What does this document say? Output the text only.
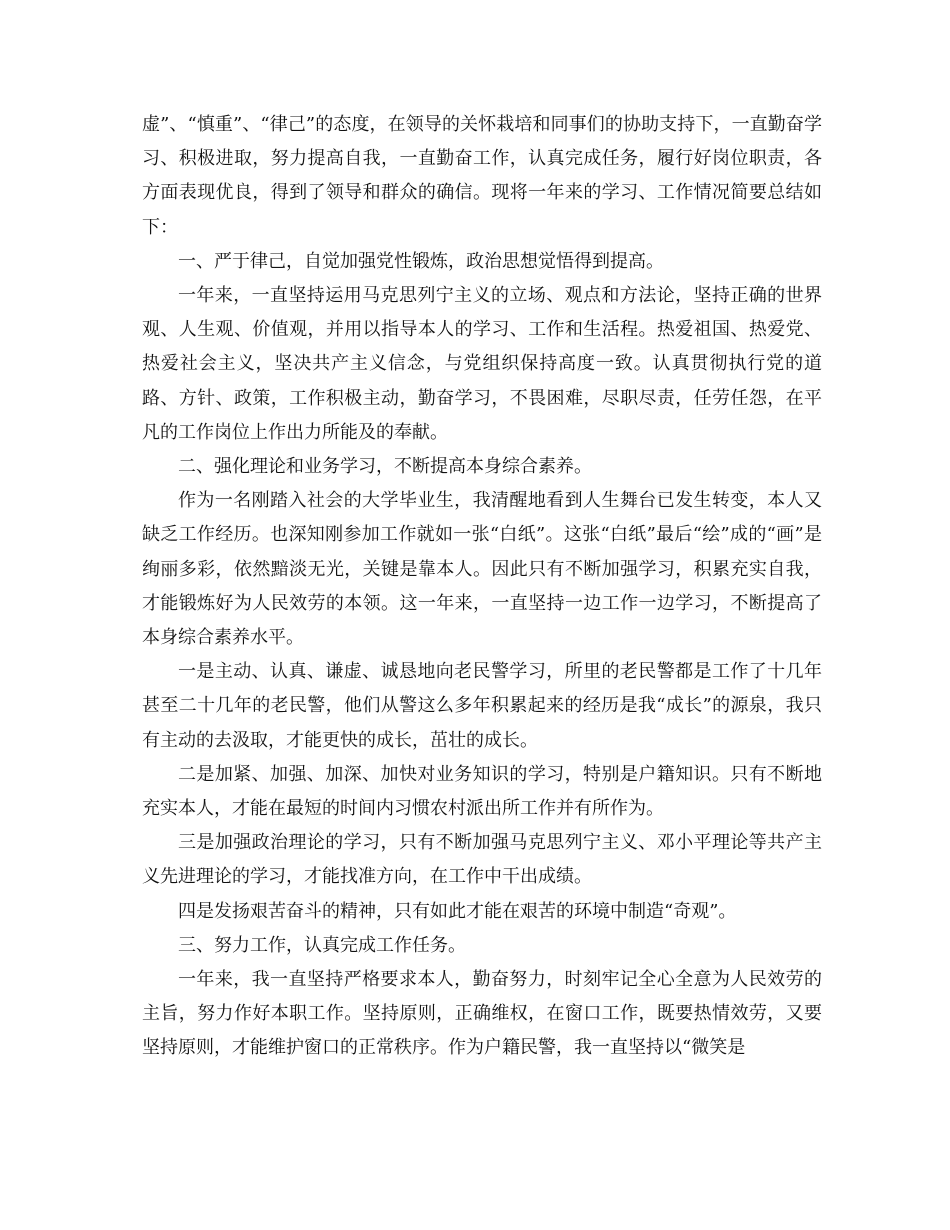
虚”、“慎重”、“律己”的态度，在领导的关怀栽培和同事们的协助支持下，一直勤奋学习、积极进取，努力提高自我，一直勤奋工作，认真完成任务，履行好岗位职责，各方面表现优良，得到了领导和群众的确信。现将一年来的学习、工作情况简要总结如下：

一、严于律己，自觉加强党性锻炼，政治思想觉悟得到提高。

一年来，一直坚持运用马克思列宁主义的立场、观点和方法论，坚持正确的世界观、人生观、价值观，并用以指导本人的学习、工作和生活程。热爱祖国、热爱党、热爱社会主义，坚决共产主义信念，与党组织保持高度一致。认真贯彻执行党的道路、方针、政策，工作积极主动，勤奋学习，不畏困难，尽职尽责，任劳任怨，在平凡的工作岗位上作出力所能及的奉献。

二、强化理论和业务学习，不断提高本身综合素养。

作为一名刚踏入社会的大学毕业生，我清醒地看到人生舞台已发生转变，本人又缺乏工作经历。也深知刚参加工作就如一张“白纸”。这张“白纸”最后“绘”成的“画”是绚丽多彩，依然黯淡无光，关键是靠本人。因此只有不断加强学习，积累充实自我，才能锻炼好为人民效劳的本领。这一年来，一直坚持一边工作一边学习，不断提高了本身综合素养水平。

一是主动、认真、谦虚、诚恳地向老民警学习，所里的老民警都是工作了十几年甚至二十几年的老民警，他们从警这么多年积累起来的经历是我“成长”的源泉，我只有主动的去汲取，才能更快的成长，茁壮的成长。

二是加紧、加强、加深、加快对业务知识的学习，特别是户籍知识。只有不断地充实本人，才能在最短的时间内习惯农村派出所工作并有所作为。

三是加强政治理论的学习，只有不断加强马克思列宁主义、邓小平理论等共产主义先进理论的学习，才能找准方向，在工作中干出成绩。

四是发扬艰苦奋斗的精神，只有如此才能在艰苦的环境中制造“奇观”。

三、努力工作，认真完成工作任务。

一年来，我一直坚持严格要求本人，勤奋努力，时刻牢记全心全意为人民效劳的主旨，努力作好本职工作。坚持原则，正确维权，在窗口工作，既要热情效劳，又要坚持原则，才能维护窗口的正常秩序。作为户籍民警，我一直坚持以“微笑是
